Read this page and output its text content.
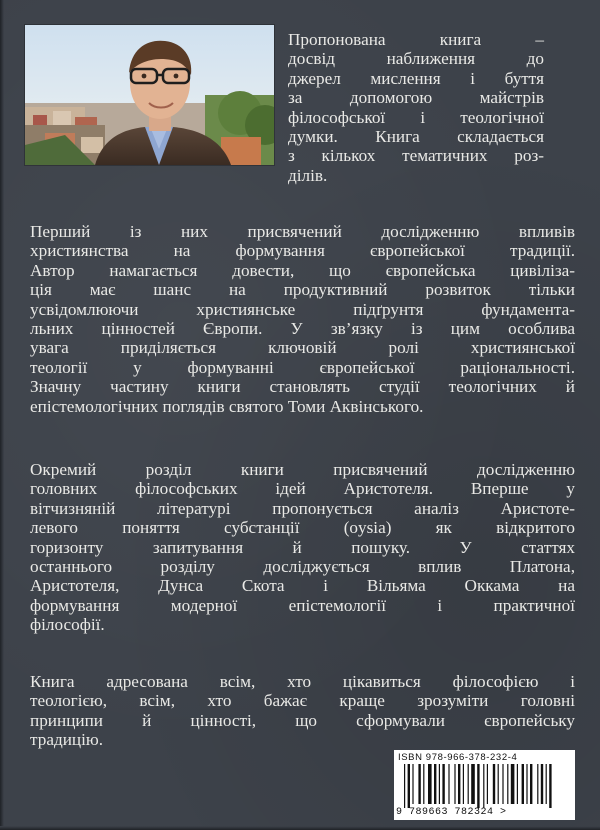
Пропонована книга –
досвід наближення до
джерел мислення і буття
за допомогою майстрів
філософської і теологічної
думки. Книга складається
з кількох тематичних роз-
ділів.
Перший із них присвячений дослідженню впливів
християнства на формування європейської традиції.
Автор намагається довести, що європейська цивіліза-
ція має шанс на продуктивний розвиток тільки
усвідомлюючи християнське підґрунтя фундамента-
льних цінностей Європи. У зв’язку із цим особлива
увага приділяється ключовій ролі християнської
теології у формуванні європейської раціональності.
Значну частину книги становлять студії теологічних й
епістемологічних поглядів святого Томи Аквінського.
Окремий розділ книги присвячений дослідженню
головних філософських ідей Аристотеля. Вперше у
вітчизняній літературі пропонується аналіз Аристоте-
левого поняття субстанції (oysia) як відкритого
горизонту запитування й пошуку. У статтях
останнього розділу досліджується вплив Платона,
Аристотеля, Дунса Скота і Вільяма Оккама на
формування модерної епістемології і практичної
філософії.
Книга адресована всім, хто цікавиться філософією і
теологією, всім, хто бажає краще зрозуміти головні
принципи й цінності, що сформували європейську
традицію.
ISBN 978-966-378-232-4
9 789663 782324 >
